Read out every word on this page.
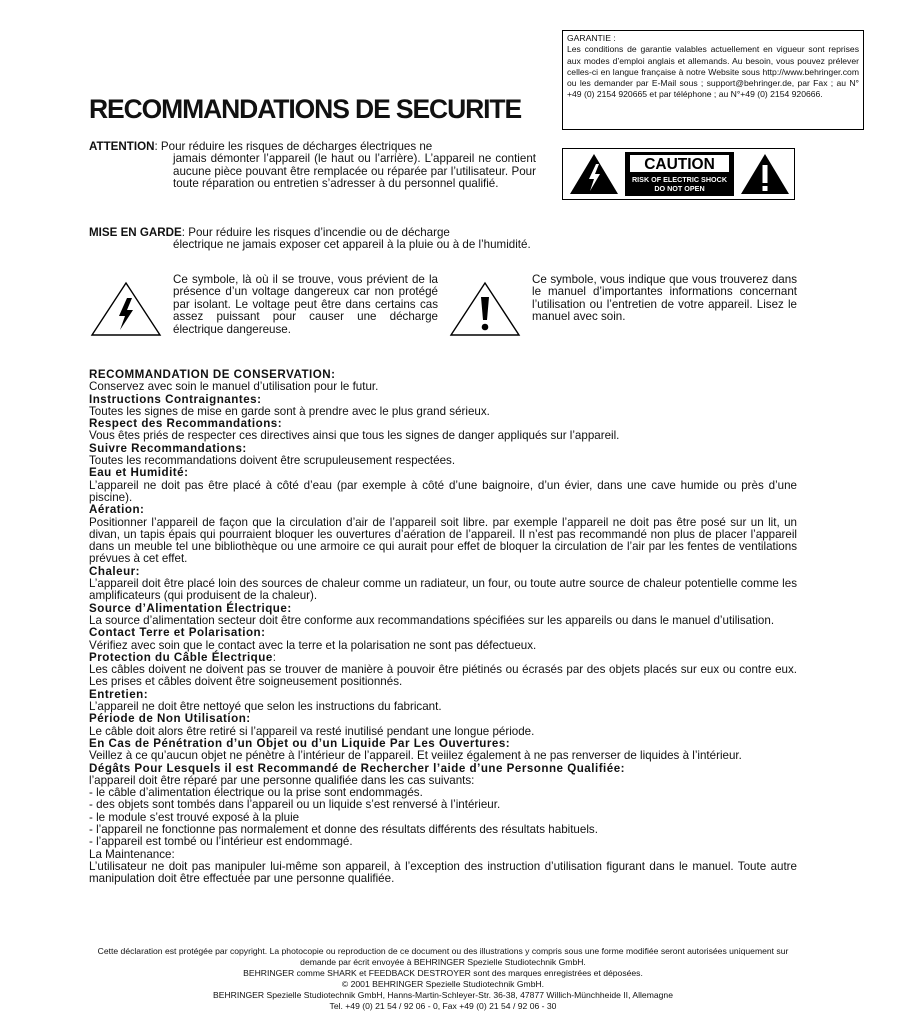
GARANTIE :
Les conditions de garantie valables actuellement en vigueur sont reprises aux modes d’emploi anglais et allemands. Au besoin, vous pouvez prélever celles-ci en langue française à notre Website sous http://www.behringer.com ou les demander par E-Mail sous ; support@behringer.de, par Fax ; au N° +49 (0) 2154 920665 et par téléphone ; au N°+49 (0) 2154 920666.
RECOMMANDATIONS DE SECURITE
CAUTION
RISK OF ELECTRIC SHOCK
DO NOT OPEN
ATTENTION: Pour réduire les risques de décharges électriques ne
jamais démonter l’appareil (le haut ou l’arrière). L’appareil ne contient aucune pièce pouvant être remplacée ou réparée par l’utilisateur. Pour toute réparation ou entretien s’adresser à du personnel qualifié.
MISE EN GARDE: Pour réduire les risques d’incendie ou de décharge
électrique ne jamais exposer cet appareil à la pluie ou à de l’humidité.
Ce symbole, là où il se trouve, vous prévient de la présence d’un voltage dangereux car non protégé par isolant. Le voltage peut être dans certains cas assez puissant pour causer une décharge électrique dangereuse.
Ce symbole, vous indique que vous trouverez dans le manuel d’importantes informations concernant l’utilisation ou l’entretien de votre appareil. Lisez le manuel avec soin.
RECOMMANDATION DE CONSERVATION:
Conservez avec soin le manuel d’utilisation pour le futur.
Instructions Contraignantes:
Toutes les signes de mise en garde sont à prendre avec le plus grand sérieux.
Respect des Recommandations:
Vous êtes priés de respecter ces directives ainsi que tous les signes de danger appliqués sur l’appareil.
Suivre Recommandations:
Toutes les recommandations doivent être scrupuleusement respectées.
Eau et Humidité:
L’appareil ne doit pas être placé à côté d’eau (par exemple à côté d’une baignoire, d’un évier, dans une cave humide ou près d’une piscine).
Aération:
Positionner l’appareil de façon que la circulation d’air de l’appareil soit libre. par exemple l’appareil ne doit pas être posé sur un lit, un divan, un tapis épais qui pourraient bloquer les ouvertures d’aération de l’appareil. Il n’est pas recommandé non plus de placer l’appareil dans un meuble tel une bibliothèque ou une armoire ce qui aurait pour effet de bloquer la circulation de l’air par les fentes de ventilations prévues à cet effet.
Chaleur:
L’appareil doit être placé loin des sources de chaleur comme un radiateur, un four, ou toute autre source de chaleur potentielle comme les amplificateurs (qui produisent de la chaleur).
Source d’Alimentation Électrique:
La source d’alimentation secteur doit être conforme aux recommandations spécifiées sur les appareils ou dans le manuel d’utilisation.
Contact Terre et Polarisation:
Vérifiez avec soin que le contact avec la terre et la polarisation ne sont pas défectueux.
Protection du Câble Électrique:
Les câbles doivent ne doivent pas se trouver de manière à pouvoir être piétinés ou écrasés par des objets placés sur eux ou contre eux. Les prises et câbles doivent être soigneusement positionnés.
Entretien:
L’appareil ne doit être nettoyé que selon les instructions du fabricant.
Période de Non Utilisation:
Le câble doit alors être retiré si l’appareil va resté inutilisé pendant une longue période.
En Cas de Pénétration d’un Objet ou d’un Liquide Par Les Ouvertures:
Veillez à ce qu’aucun objet ne pénètre à l’intérieur de l’appareil. Et veiilez également à ne pas renverser de liquides à l’intérieur.
Dégâts Pour Lesquels il est Recommandé de Rechercher l’aide d’une Personne Qualifiée:
l’appareil doit être réparé par une personne qualifiée dans les cas suivants:
- le câble d’alimentation électrique ou la prise sont endommagés.
- des objets sont tombés dans l’appareil ou un liquide s’est renversé à l’intérieur.
- le module s’est trouvé exposé à la pluie
- l’appareil ne fonctionne pas normalement et donne des résultats différents des résultats habituels.
- l’appareil est tombé ou l’intérieur est endommagé.
La Maintenance:
L’utilisateur ne doit pas manipuler lui-même son appareil, à l’exception des instruction d’utilisation figurant dans le manuel. Toute autre manipulation doit être effectuée par une personne qualifiée.
Cette déclaration est protégée par copyright. La photocopie ou reproduction de ce document ou des illustrations y compris sous une forme modifiée seront autorisées uniquement sur demande par écrit envoyée à BEHRINGER Spezielle Studiotechnik GmbH.
BEHRINGER comme SHARK et FEEDBACK DESTROYER sont des marques enregistrées et déposées.
© 2001 BEHRINGER Spezielle Studiotechnik GmbH.
BEHRINGER Spezielle Studiotechnik GmbH, Hanns-Martin-Schleyer-Str. 36-38, 47877 Willich-Münchheide II, Allemagne
Tel. +49 (0) 21 54 / 92 06 - 0, Fax +49 (0) 21 54 / 92 06 - 30
